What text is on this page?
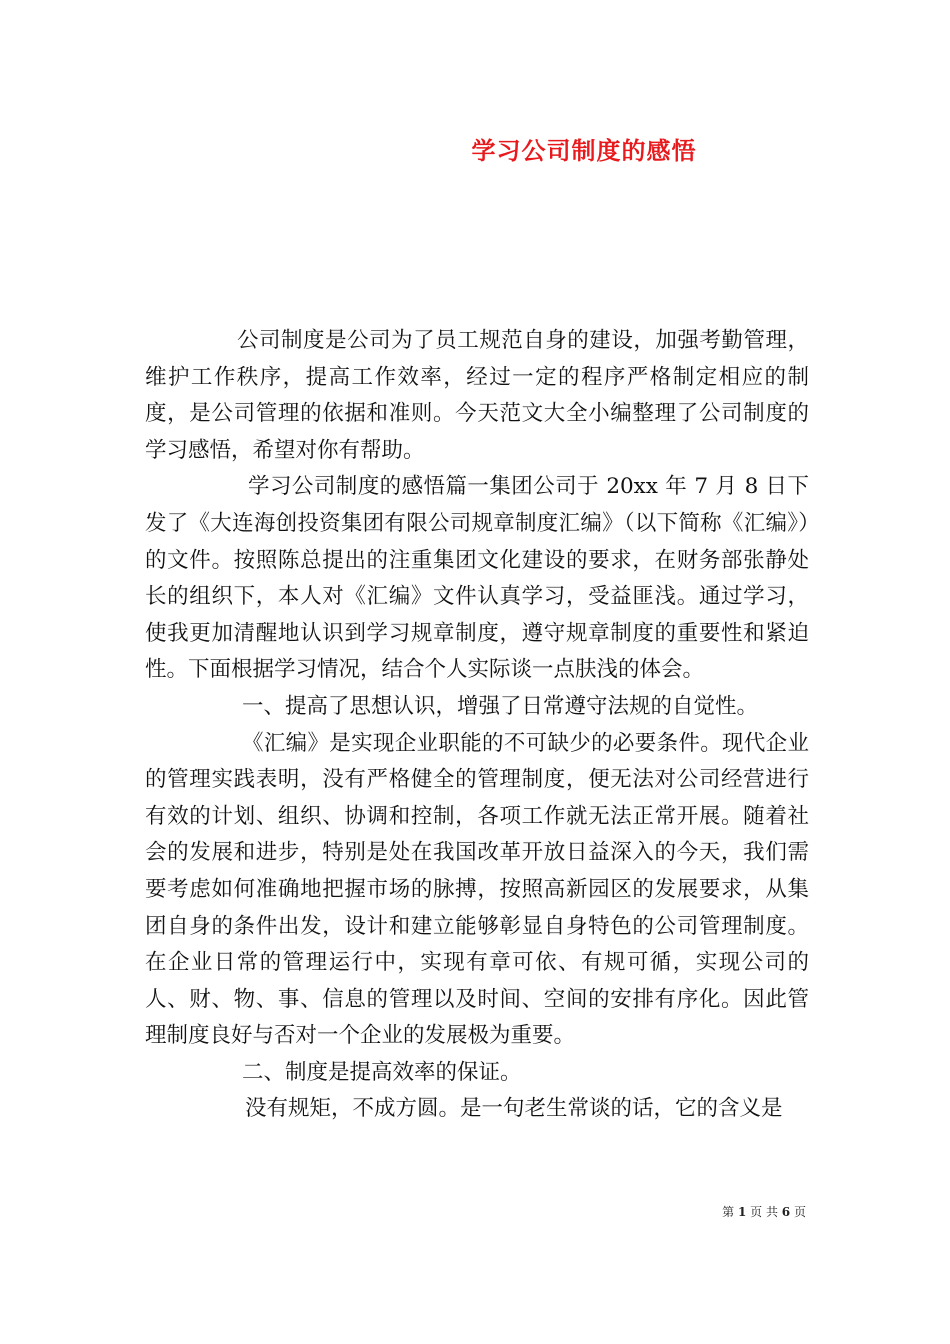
学习公司制度的感悟

公司制度是公司为了员工规范自身的建设，加强考勤管理，维护工作秩序，提高工作效率，经过一定的程序严格制定相应的制度，是公司管理的依据和准则。今天范文大全小编整理了公司制度的学习感悟，希望对你有帮助。

学习公司制度的感悟篇一集团公司于 20xx 年 7 月 8 日下发了《大连海创投资集团有限公司规章制度汇编》（以下简称《汇编》）的文件。按照陈总提出的注重集团文化建设的要求，在财务部张静处长的组织下，本人对《汇编》文件认真学习，受益匪浅。通过学习，使我更加清醒地认识到学习规章制度，遵守规章制度的重要性和紧迫性。下面根据学习情况，结合个人实际谈一点肤浅的体会。

一、提高了思想认识，增强了日常遵守法规的自觉性。

《汇编》是实现企业职能的不可缺少的必要条件。现代企业的管理实践表明，没有严格健全的管理制度，便无法对公司经营进行有效的计划、组织、协调和控制，各项工作就无法正常开展。随着社会的发展和进步，特别是处在我国改革开放日益深入的今天，我们需要考虑如何准确地把握市场的脉搏，按照高新园区的发展要求，从集团自身的条件出发，设计和建立能够彰显自身特色的公司管理制度。在企业日常的管理运行中，实现有章可依、有规可循，实现公司的人、财、物、事、信息的管理以及时间、空间的安排有序化。因此管理制度良好与否对一个企业的发展极为重要。

二、制度是提高效率的保证。

没有规矩，不成方圆。是一句老生常谈的话，它的含义是

第 1 页 共 6 页
